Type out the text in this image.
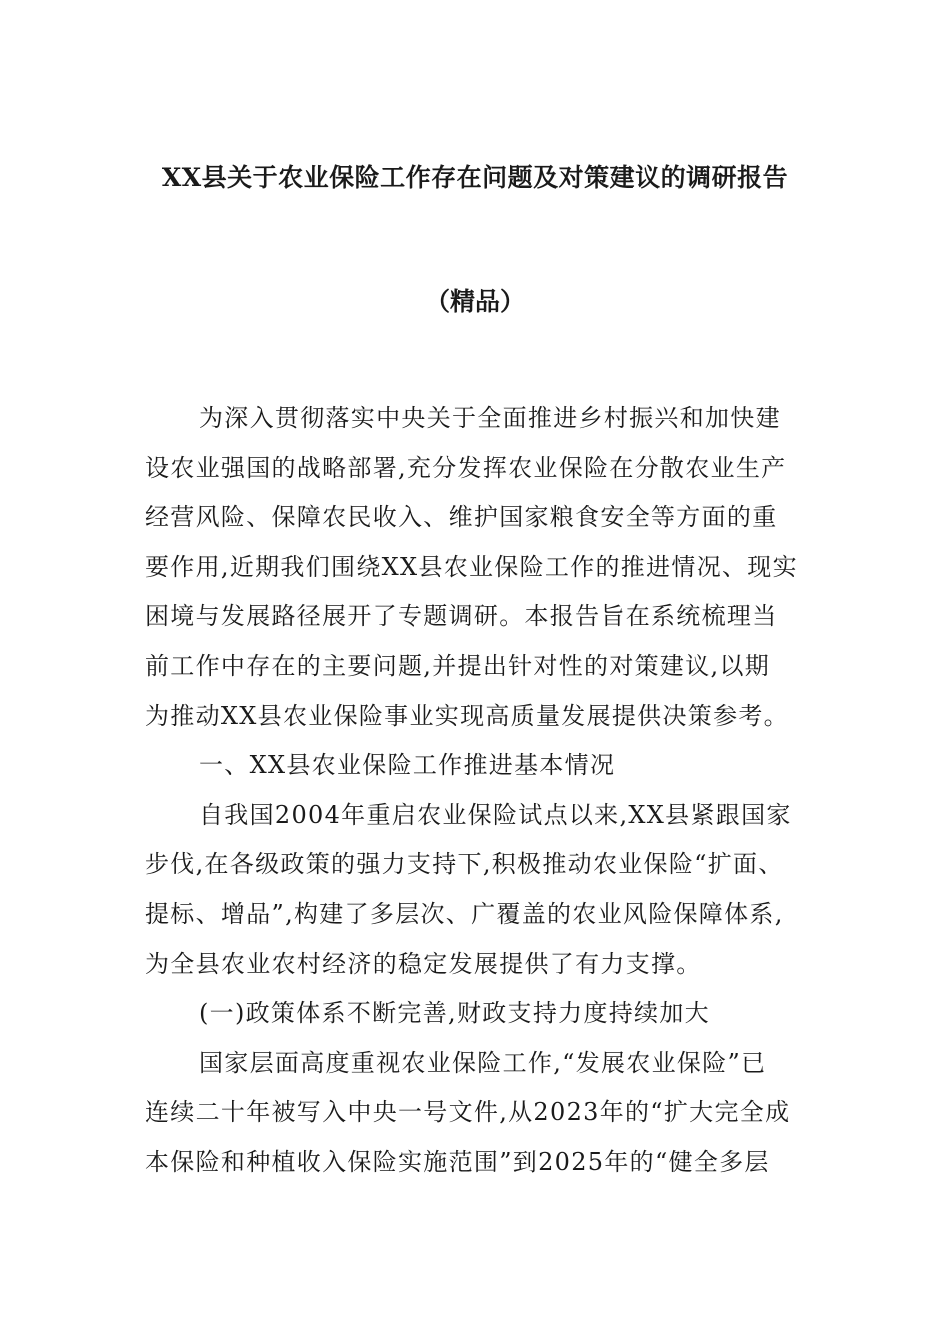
XX县关于农业保险工作存在问题及对策建议的调研报告
（精品）
为深入贯彻落实中央关于全面推进乡村振兴和加快建
设农业强国的战略部署,充分发挥农业保险在分散农业生产
经营风险、保障农民收入、维护国家粮食安全等方面的重
要作用,近期我们围绕XX县农业保险工作的推进情况、现实
困境与发展路径展开了专题调研。本报告旨在系统梳理当
前工作中存在的主要问题,并提出针对性的对策建议,以期
为推动XX县农业保险事业实现高质量发展提供决策参考。
一、XX县农业保险工作推进基本情况
自我国2004年重启农业保险试点以来,XX县紧跟国家
步伐,在各级政策的强力支持下,积极推动农业保险“扩面、
提标、增品”,构建了多层次、广覆盖的农业风险保障体系,
为全县农业农村经济的稳定发展提供了有力支撑。
(一)政策体系不断完善,财政支持力度持续加大
国家层面高度重视农业保险工作,“发展农业保险”已
连续二十年被写入中央一号文件,从2023年的“扩大完全成
本保险和种植收入保险实施范围”到2025年的“健全多层
